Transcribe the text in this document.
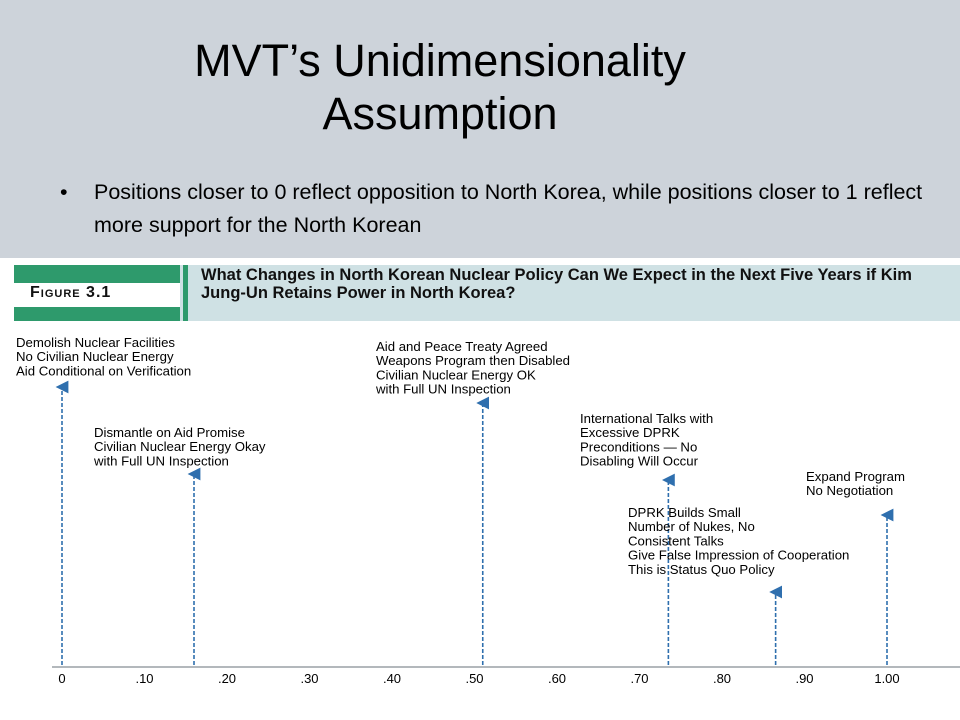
MVT’s Unidimensionality
Assumption
• Positions closer to 0 reflect opposition to North Korea, while positions closer to 1 reflect more support for the North Korean
Figure 3.1
What Changes in North Korean Nuclear Policy Can We Expect in the Next Five Years if Kim Jung-Un Retains Power in North Korea?
0	.10	.20	.30	.40	.50	.60	.70	.80	.90	1.00
Demolish Nuclear Facilities No Civilian Nuclear Energy Aid Conditional on Verification
Dismantle on Aid Promise Civilian Nuclear Energy Okay with Full UN Inspection
Aid and Peace Treaty Agreed Weapons Program then Disabled Civilian Nuclear Energy OK with Full UN Inspection
International Talks with Excessive DPRK Preconditions — No Disabling Will Occur
DPRK Builds Small Number of Nukes, No Consistent Talks Give False Impression of Cooperation This is Status Quo Policy
Expand Program No Negotiation
